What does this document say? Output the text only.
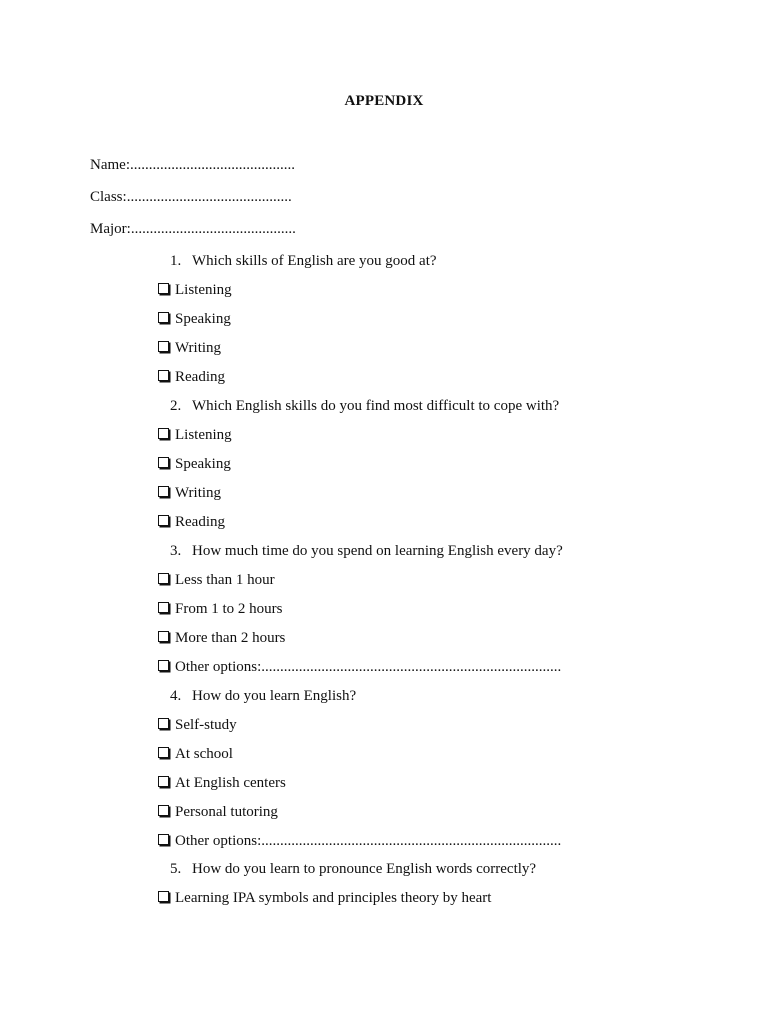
APPENDIX
Name:............................................
Class:............................................
Major:............................................
1. Which skills of English are you good at?
Listening
Speaking
Writing
Reading
2. Which English skills do you find most difficult to cope with?
Listening
Speaking
Writing
Reading
3. How much time do you spend on learning English every day?
Less than 1 hour
From 1 to 2 hours
More than 2 hours
Other options:................................................................................
4. How do you learn English?
Self-study
At school
At English centers
Personal tutoring
Other options:................................................................................
5. How do you learn to pronounce English words correctly?
Learning IPA symbols and principles theory by heart
